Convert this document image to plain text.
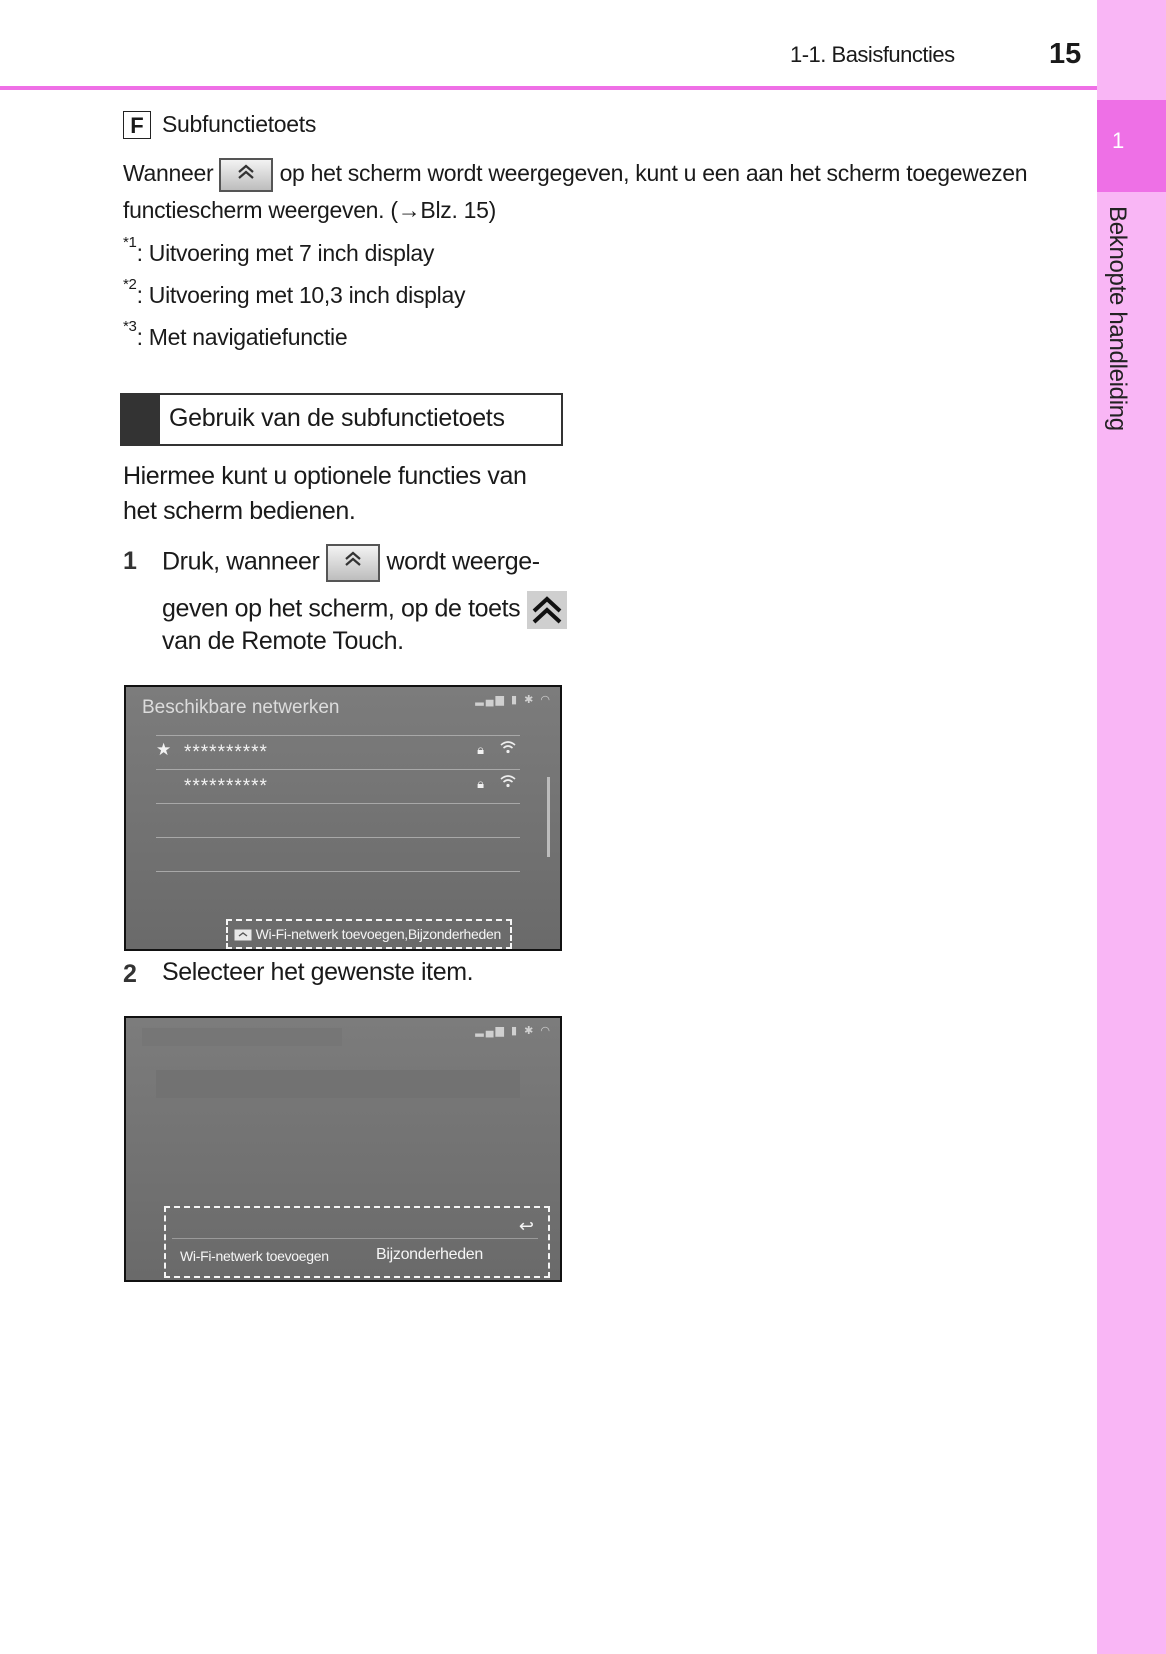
1-1. Basisfuncties	15
1
Beknopte handleiding
F Subfunctietoets
Wanneer	op het scherm wordt weergegeven, kunt u een aan het scherm toegewezen
functiescherm weergeven. (→Blz. 15)
$^{*1}$: Uitvoering met 7 inch display
$^{*2}$: Uitvoering met 10,3 inch display
$^{*3}$: Met navigatiefunctie
Gebruik van de subfunctietoets
Hiermee kunt u optionele functies van
het scherm bedienen.
1 Druk, wanneer	wordt weerge-
geven op het scherm, op de toets
van de Remote Touch.
Beschikbare netwerken	▂▄▆ ▮ ✱ ◠
★ **********	🔒︎
**********	🔒︎
Wi-Fi-netwerk toevoegen,Bijzonderheden
2 Selecteer het gewenste item.
▂▄▆ ▮ ✱ ◠
↩
Wi-Fi-netwerk toevoegen	Bijzonderheden
